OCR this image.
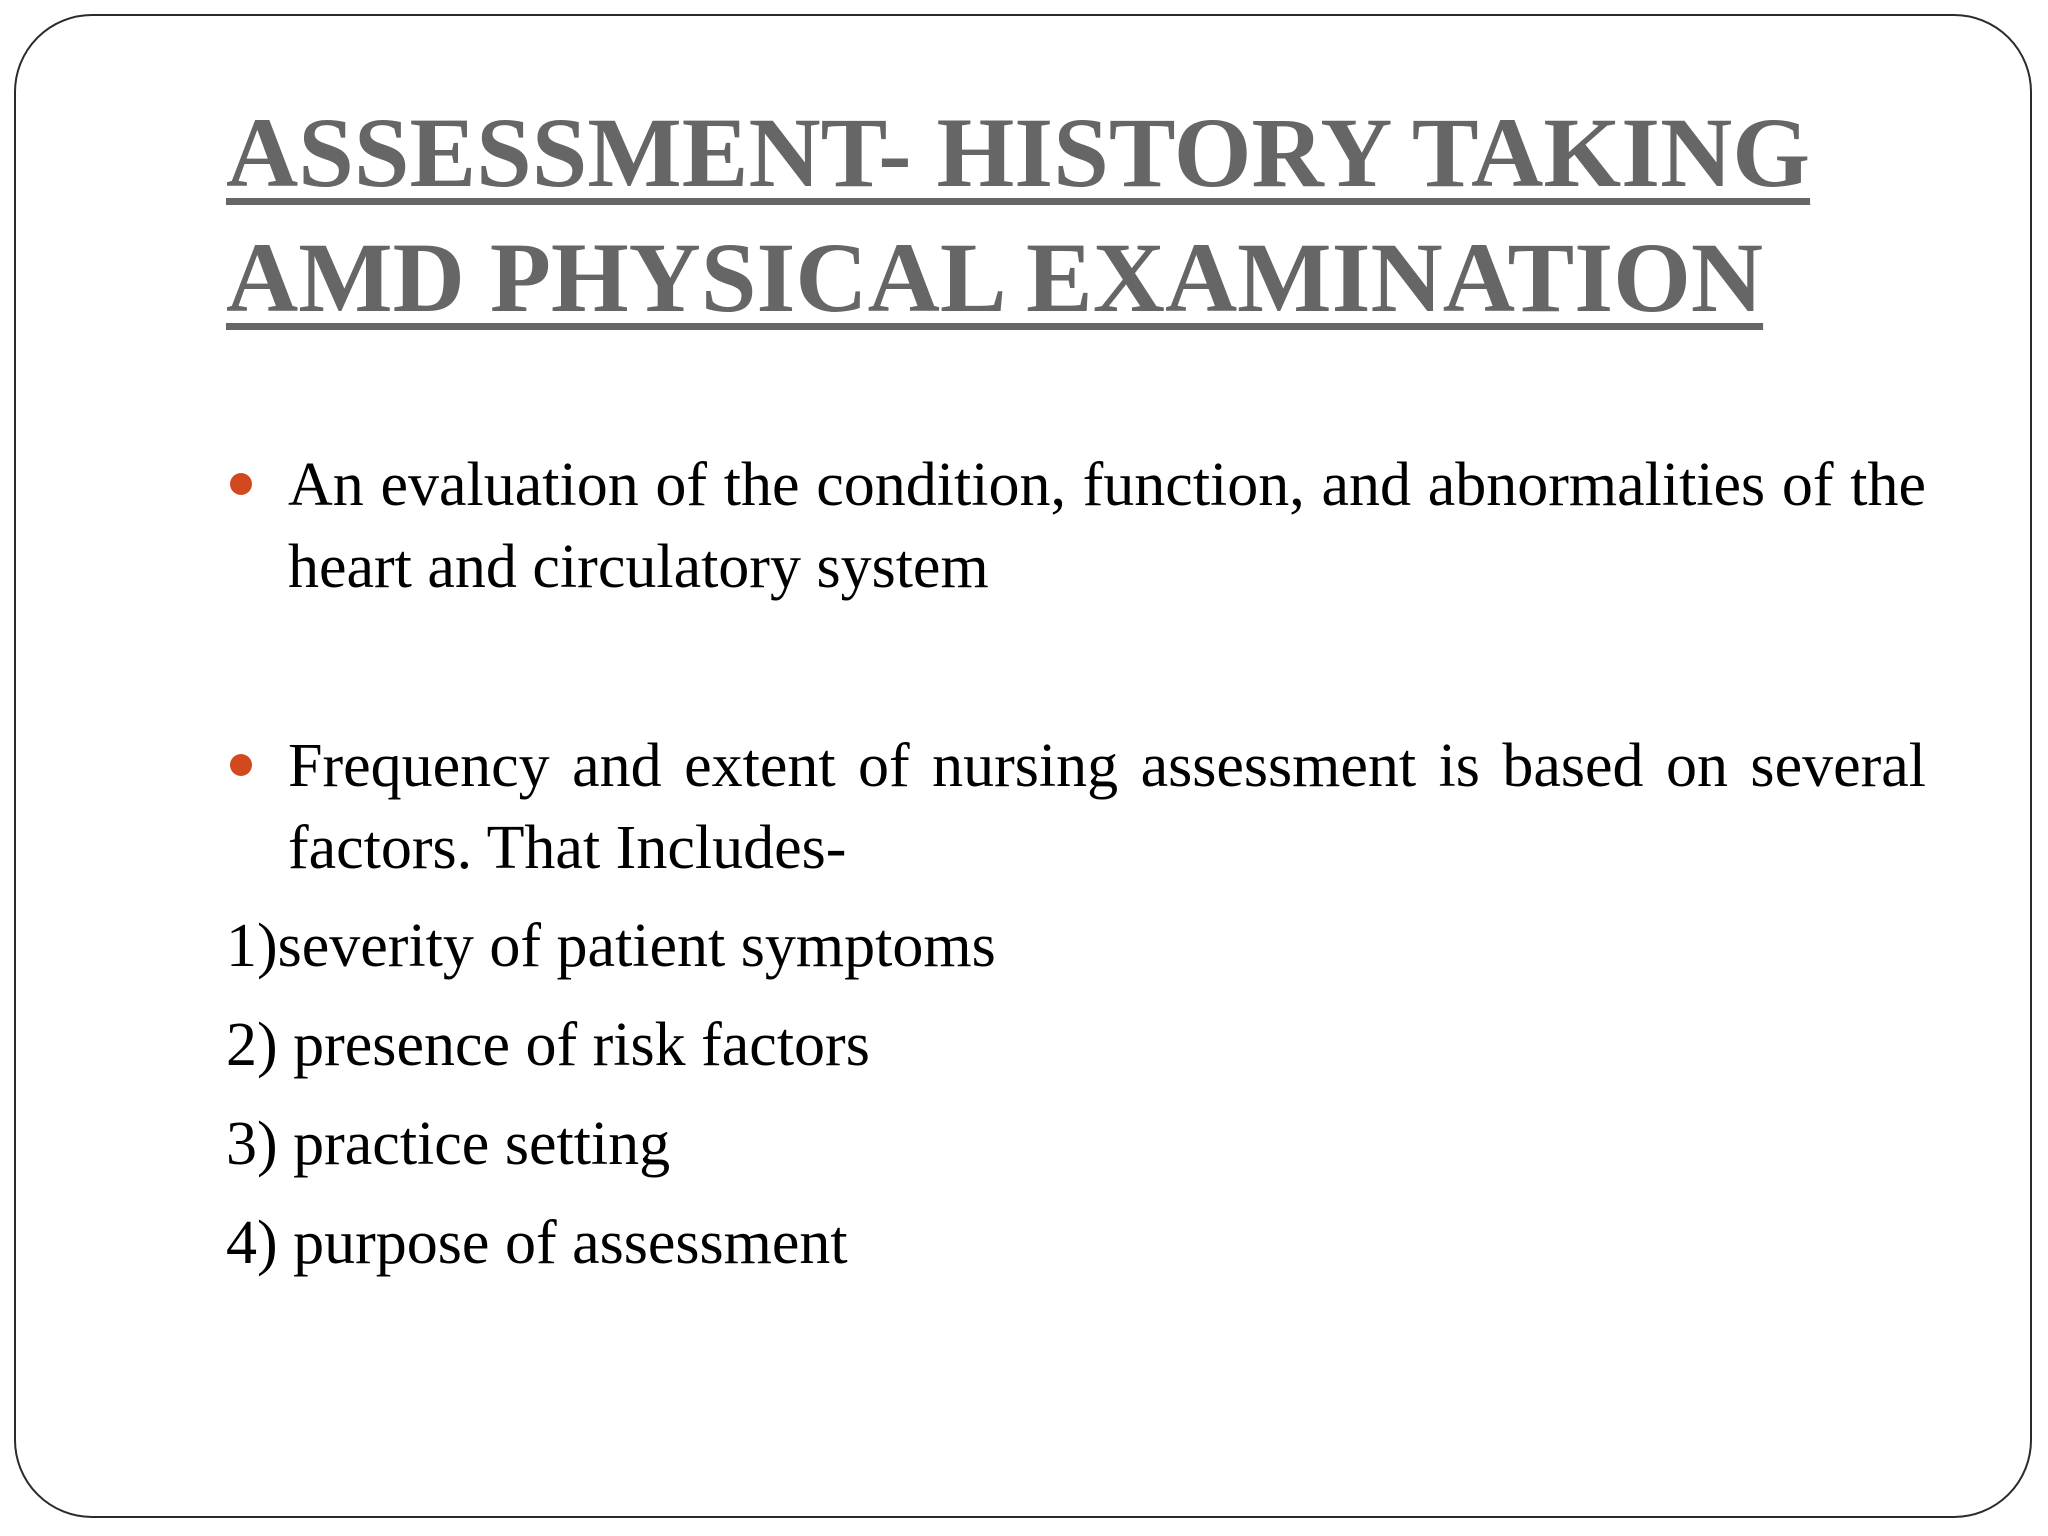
ASSESSMENT- HISTORY TAKING
AMD PHYSICAL EXAMINATION
An evaluation of the condition, function, and abnormalities of the heart and circulatory system
Frequency and extent of nursing assessment is based on several factors. That Includes-
1)severity of patient symptoms
2) presence of risk factors
3) practice setting
4) purpose of assessment
